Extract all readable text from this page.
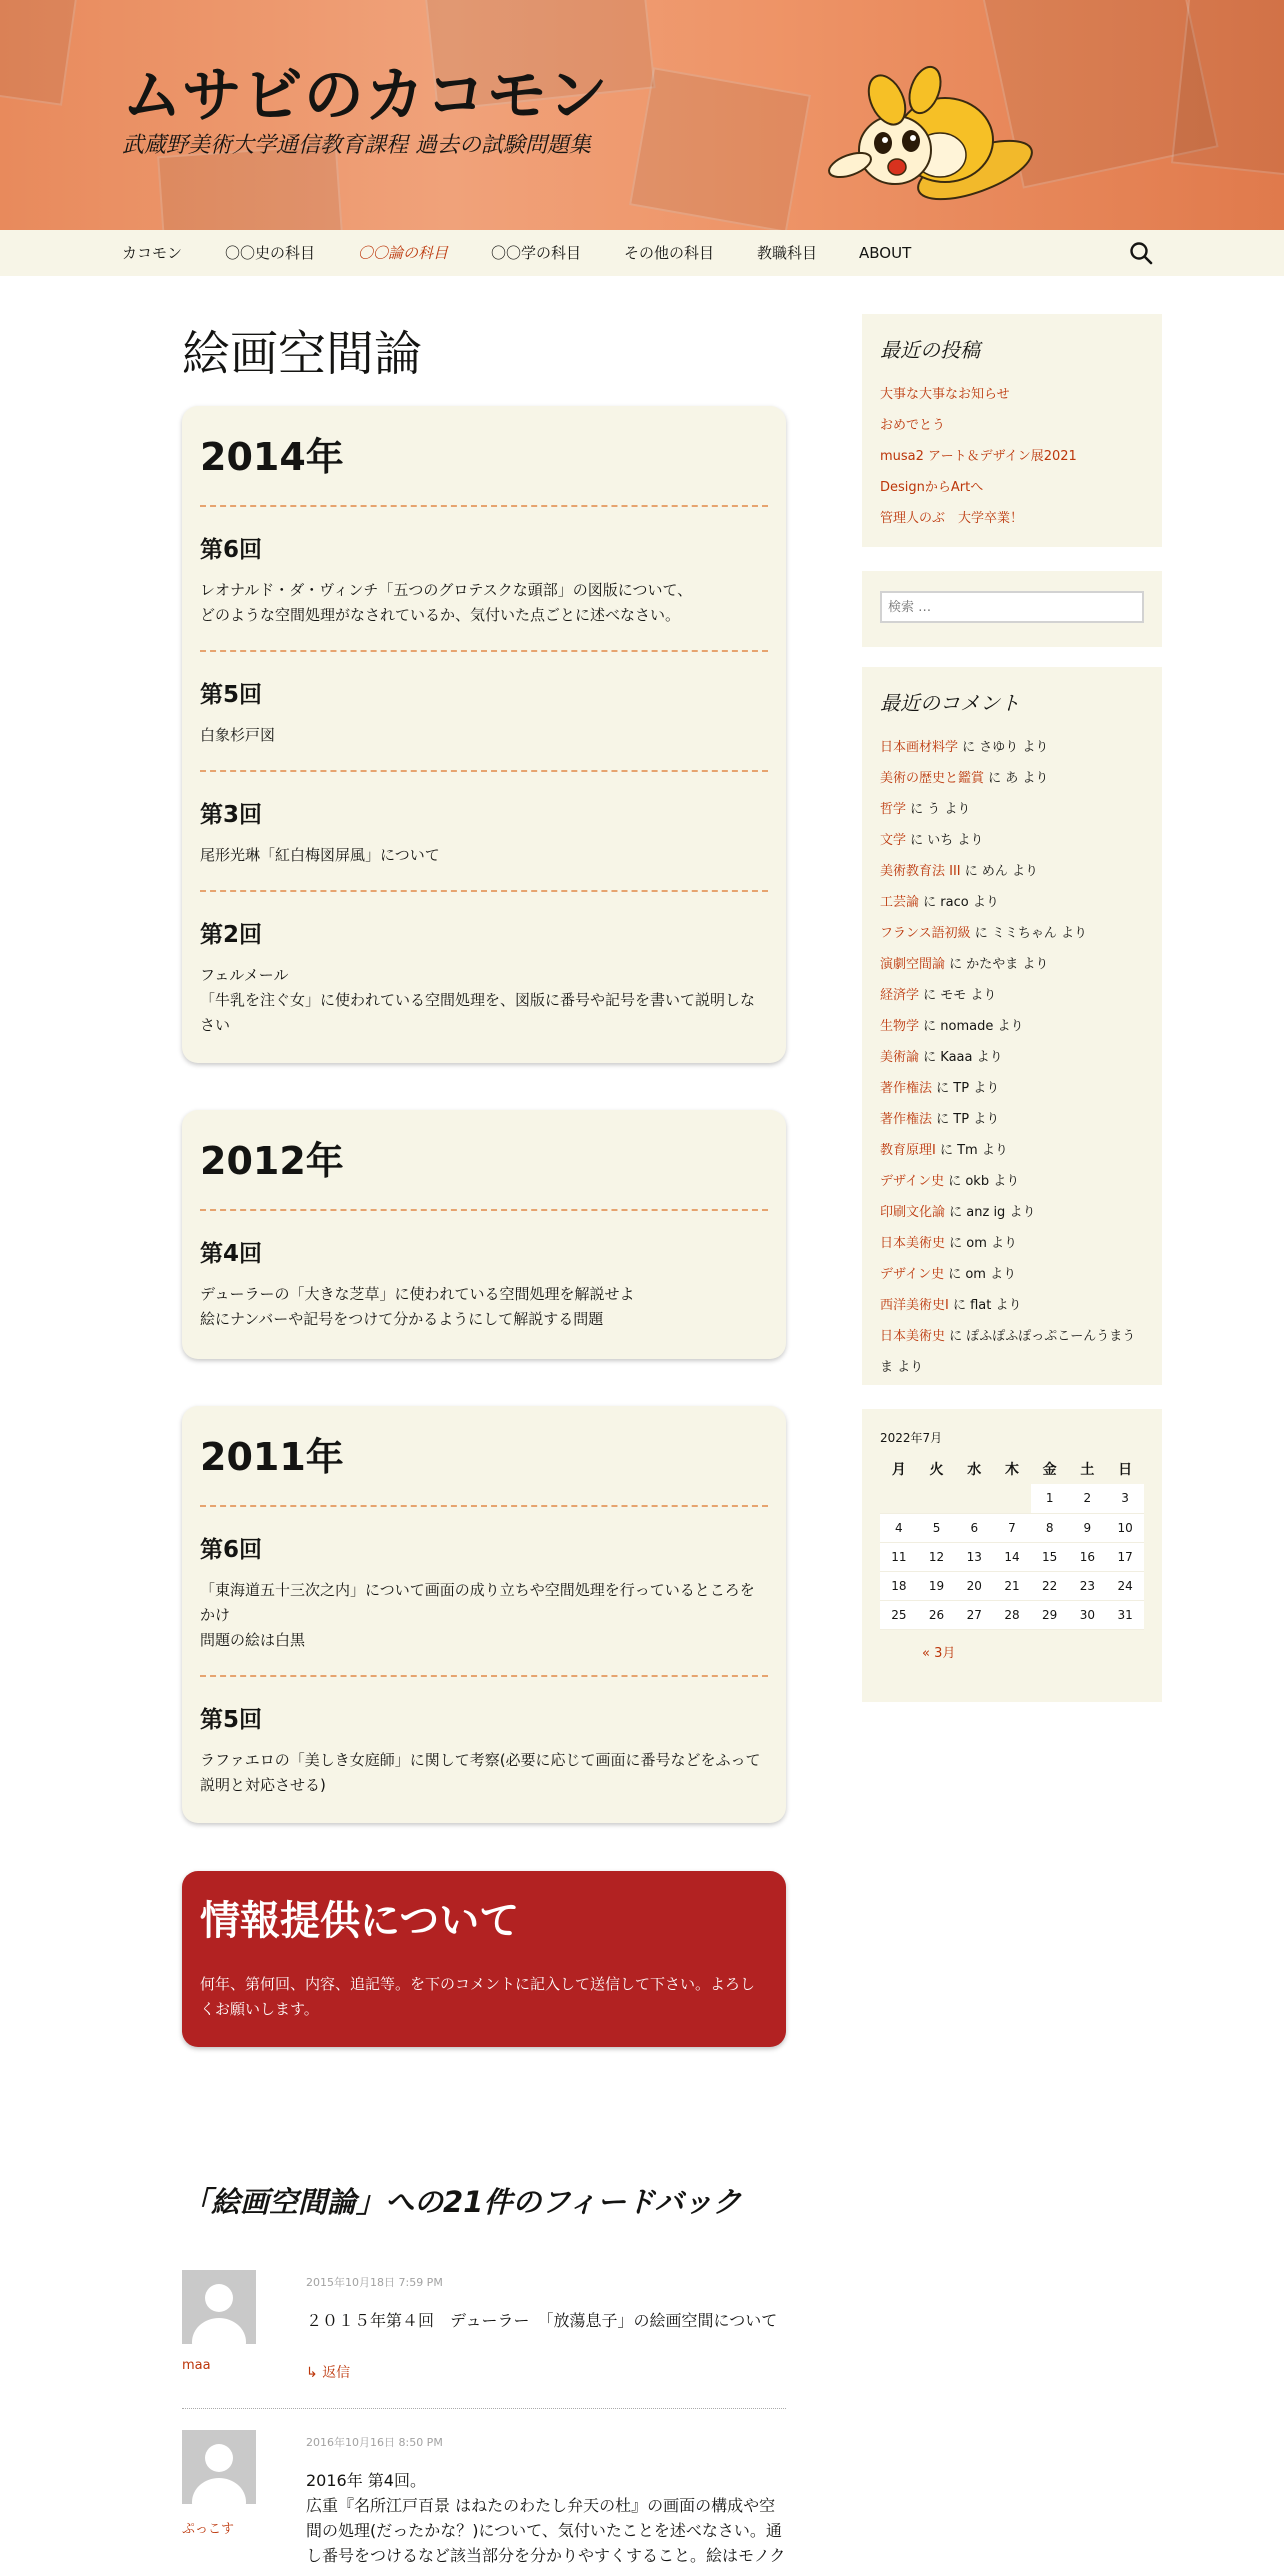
ムサビのカコモン
武蔵野美術大学通信教育課程 過去の試験問題集
カコモン	〇〇史の科目	〇〇論の科目	〇〇学の科目	その他の科目	教職科目	ABOUT
絵画空間論
2014年
第6回
レオナルド・ダ・ヴィンチ「五つのグロテスクな頭部」の図版について、
どのような空間処理がなされているか、気付いた点ごとに述べなさい。
第5回
白象杉戸図
第3回
尾形光琳「紅白梅図屏風」について
第2回
フェルメール
「牛乳を注ぐ女」に使われている空間処理を、図版に番号や記号を書いて説明しなさい
2012年
第4回
デューラーの「大きな芝草」に使われている空間処理を解説せよ
絵にナンバーや記号をつけて分かるようにして解説する問題
2011年
第6回
「東海道五十三次之内」について画面の成り立ちや空間処理を行っているところをかけ
問題の絵は白黒
第5回
ラファエロの「美しき女庭師」に関して考察(必要に応じて画面に番号などをふって説明と対応させる)
情報提供について
何年、第何回、内容、追記等。を下のコメントに記入して送信して下さい。よろしくお願いします。
「絵画空間論」への21件のフィードバック
maa
2015年10月18日 7:59 PM
２０１５年第４回　デューラー　「放蕩息子」の絵画空間について
↳ 返信
ぷっこす
2016年10月16日 8:50 PM
2016年 第4回。
広重『名所江戸百景 はねたのわたし弁天の杜』の画面の構成や空間の処理(だったかな？)について、気付いたことを述べなさい。通し番号をつけるなど該当部分を分かりやすくすること。絵はモノク
最近の投稿
大事な大事なお知らせ
おめでとう
musa2 アート＆デザイン展2021
DesignからArtへ
管理人のぶ　大学卒業！
検索 …
最近のコメント
日本画材料学 に さゆり より
美術の歴史と鑑賞 に あ より
哲学 に う より
文学 に いち より
美術教育法 III に めん より
工芸論 に raco より
フランス語初級 に ミミちゃん より
演劇空間論 に かたやま より
経済学 に モモ より
生物学 に nomade より
美術論 に Kaaa より
著作権法 に TP より
著作権法 に TP より
教育原理Ⅰ に Tm より
デザイン史 に okb より
印刷文化論 に anz ig より
日本美術史 に om より
デザイン史 に om より
西洋美術史Ⅰ に flat より
日本美術史 に ぽふぽふぽっぷこーんうまうま より
2022年7月
月	火	水	木	金	土	日
				1	2	3
4	5	6	7	8	9	10
11	12	13	14	15	16	17
18	19	20	21	22	23	24
25	26	27	28	29	30	31
« 3月
